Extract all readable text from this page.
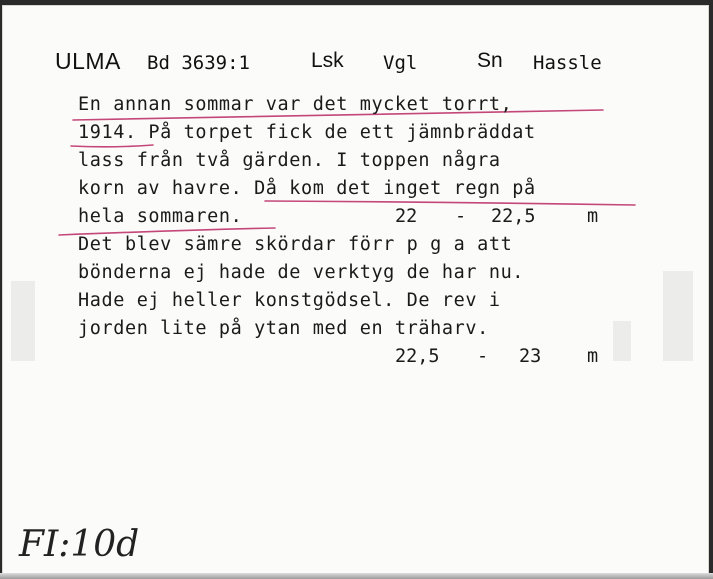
ULMA Bd 3639:1	Lsk Vgl	Sn Hassle
En annan sommar var det mycket torrt,
1914. På torpet fick de ett jämnbräddat
lass från två gärden. I toppen några
korn av havre. Då kom det inget regn på
hela sommaren.
Det blev sämre skördar förr p g a att
bönderna ej hade de verktyg de har nu.
Hade ej heller konstgödsel. De rev i
jorden lite på ytan med en träharv.
22 - 22,5	m
22,5 - 23 m
FI:10d
